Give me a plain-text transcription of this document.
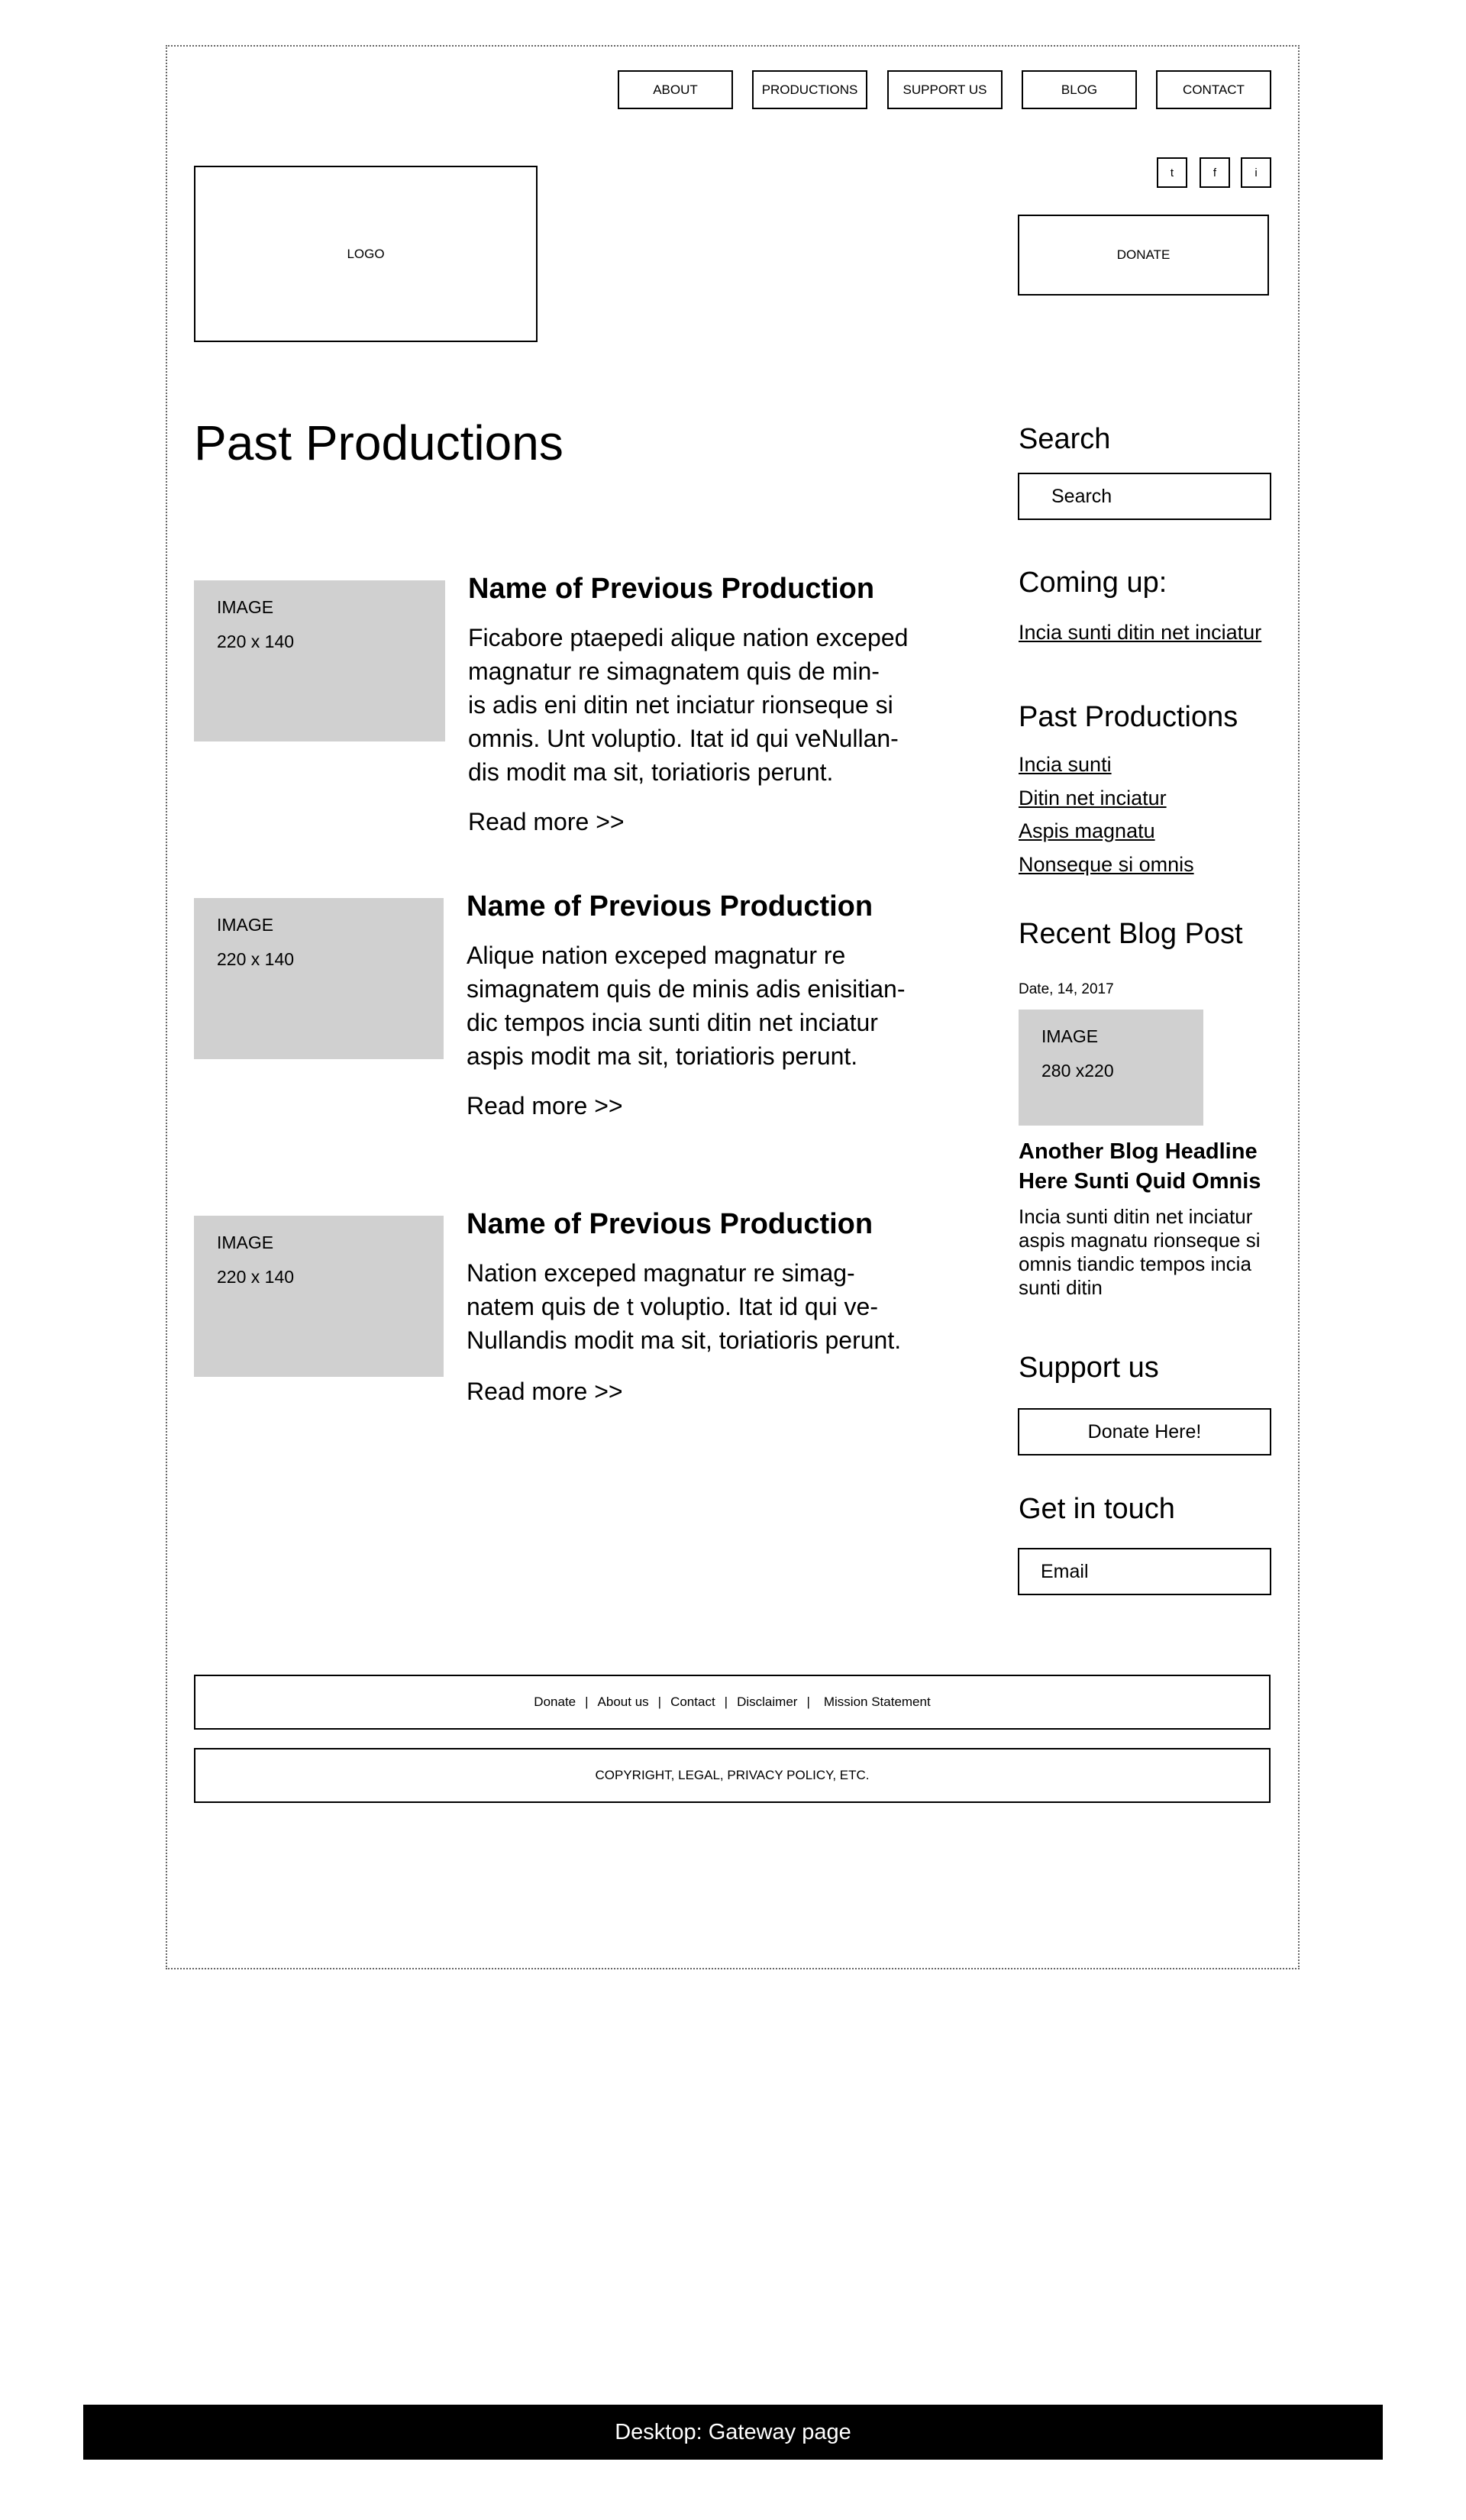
ABOUT	PRODUCTIONS	SUPPORT US	BLOG	CONTACT
t	f	i
LOGO	DONATE
Past Productions
IMAGE
220 x 140
Name of Previous Production

Ficabore ptaepedi alique nation exceped
magnatur re simagnatem quis de min-
is adis eni ditin net inciatur rionseque si
omnis. Unt voluptio. Itat id qui veNullan-
dis modit ma sit, toriatioris perunt.

Read more >>
IMAGE
220 x 140
Name of Previous Production

Alique nation exceped magnatur re
simagnatem quis de minis adis enisitian-
dic tempos incia sunti ditin net inciatur
aspis modit ma sit, toriatioris perunt.

Read more >>
IMAGE
220 x 140
Name of Previous Production

Nation exceped magnatur re simag-
natem quis de t voluptio. Itat id qui ve-
Nullandis modit ma sit, toriatioris perunt.

Read more >>
Search
Search
Coming up:
Incia sunti ditin net inciatur
Past Productions
Incia sunti
Ditin net inciatur
Aspis magnatu
Nonseque si omnis
Recent Blog Post
Date, 14, 2017
IMAGE
280 x220
Another Blog Headline
Here Sunti Quid Omnis
Incia sunti ditin net inciatur
aspis magnatu rionseque si
omnis tiandic tempos incia
sunti ditin
Support us
Donate Here!
Get in touch
Email
Donate | About us | Contact | Disclaimer | Mission Statement
COPYRIGHT, LEGAL, PRIVACY POLICY, ETC.
Desktop: Gateway page
